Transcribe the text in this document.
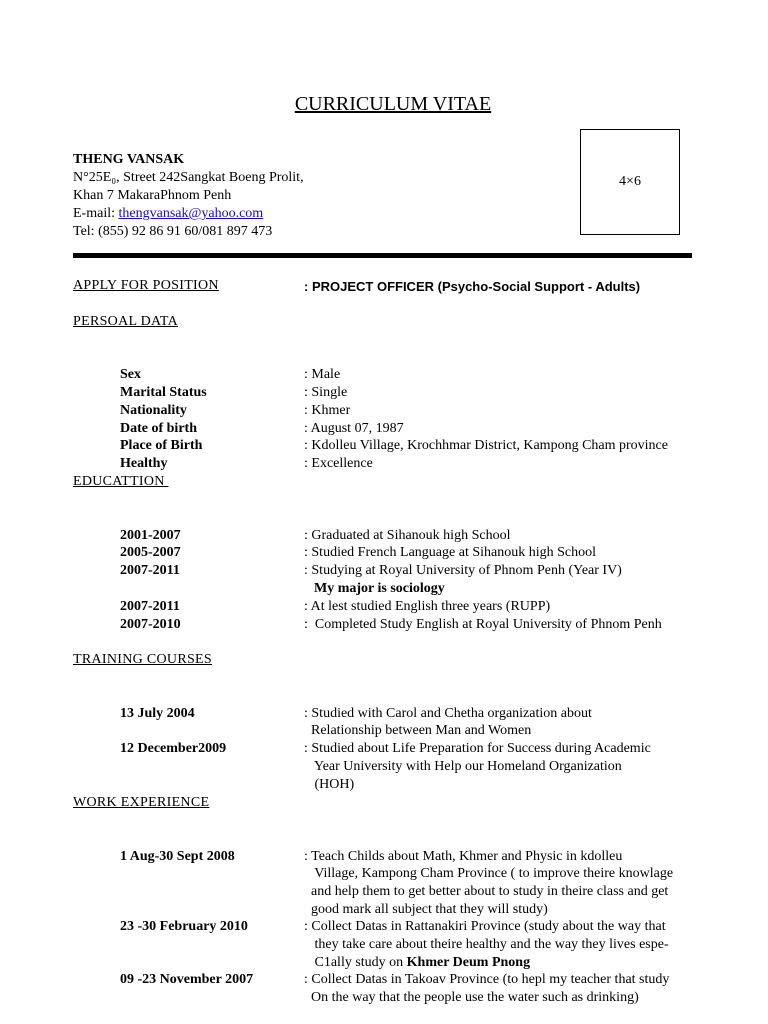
CURRICULUM VITAE
THENG VANSAK
N°25E₀, Street 242Sangkat Boeng Prolit,
Khan 7 MakaraPhnom Penh
E-mail: thengvansak@yahoo.com
Tel: (855) 92 86 91 60/081 897 473
4×6
APPLY FOR POSITION	: PROJECT OFFICER (Psycho-Social Support - Adults)
PERSOAL DATA
Sex	: Male
Marital Status	: Single
Nationality	: Khmer
Date of birth	: August 07, 1987
Place of Birth	: Kdolleu Village, Krochhmar District, Kampong Cham province
Healthy	: Excellence
EDUCATTION
2001-2007	: Graduated at Sihanouk high School
2005-2007	: Studied French Language at Sihanouk high School
2007-2011	: Studying at Royal University of Phnom Penh (Year IV)
My major is sociology
2007-2011	: At lest studied English three years (RUPP)
2007-2010	:  Completed Study English at Royal University of Phnom Penh
TRAINING COURSES
13 July 2004	: Studied with Carol and Chetha organization about
Relationship between Man and Women
12 December2009	: Studied about Life Preparation for Success during Academic
Year University with Help our Homeland Organization
(HOH)
WORK EXPERIENCE
1 Aug-30 Sept 2008	: Teach Childs about Math, Khmer and Physic in kdolleu
Village, Kampong Cham Province ( to improve theire knowlage
and help them to get better about to study in theire class and get
good mark all subject that they will study)
23 -30 February 2010	: Collect Datas in Rattanakiri Province (study about the way that
they take care about theire healthy and the way they lives espe-
C1ally study on Khmer Deum Pnong
09 -23 November 2007	: Collect Datas in Takoav Province (to hepl my teacher that study
On the way that the people use the water such as drinking)
